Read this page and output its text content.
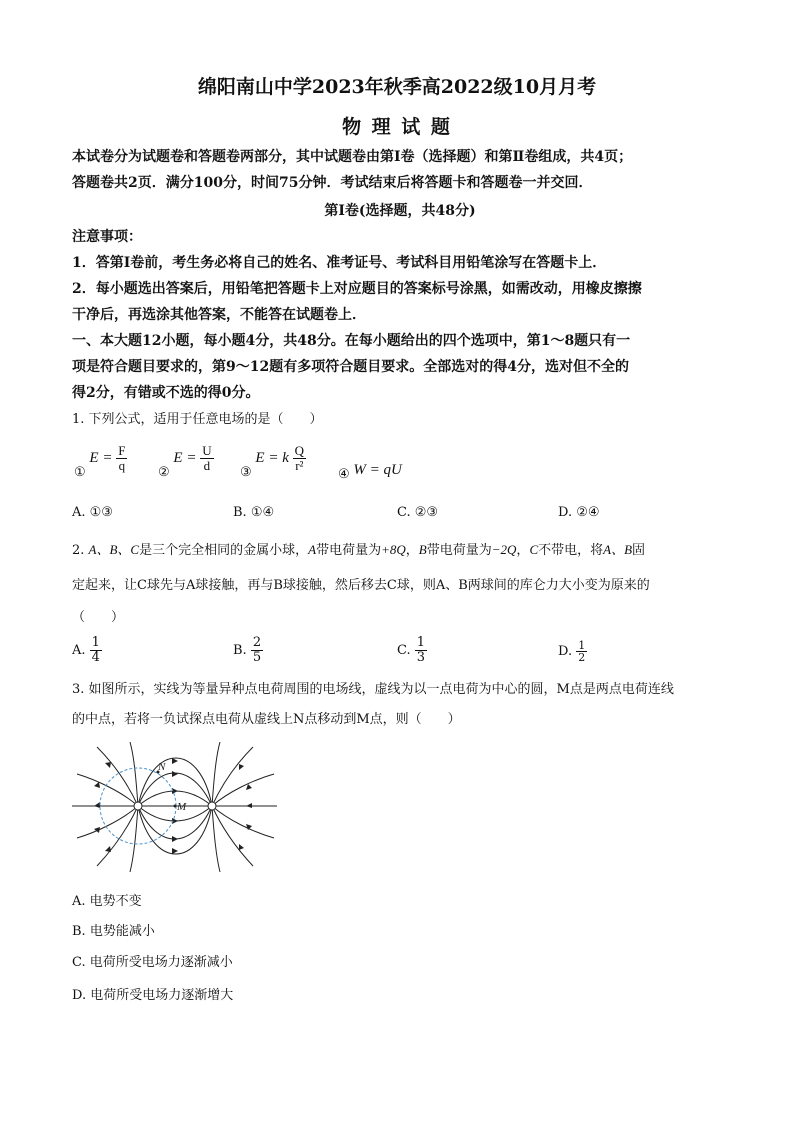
绵阳南山中学2023年秋季高2022级10月月考
物 理 试 题
本试卷分为试题卷和答题卷两部分，其中试题卷由第Ⅰ卷（选择题）和第Ⅱ卷组成，共4页；
答题卷共2页．满分100分，时间75分钟．考试结束后将答题卡和答题卷一并交回．
第Ⅰ卷(选择题，共48分)
注意事项：
1．答第Ⅰ卷前，考生务必将自己的姓名、准考证号、考试科目用铅笔涂写在答题卡上．
2．每小题选出答案后，用铅笔把答题卡上对应题目的答案标号涂黑，如需改动，用橡皮擦擦
干净后，再选涂其他答案，不能答在试题卷上．
一、本大题12小题，每小题4分，共48分。在每小题给出的四个选项中，第1～8题只有一
项是符合题目要求的，第9～12题有多项符合题目要求。全部选对的得4分，选对但不全的
得2分，有错或不选的得0分。
1. 下列公式，适用于任意电场的是（　　）
① $E = \frac{F}{q}$ ② $E = \frac{U}{d}$ ③ E = k $\frac{Q}{\text{r²}}$
④ W = qU
A. ①③	B. ①④	C. ②③	D. ②④
2. A、B、C是三个完全相同的金属小球，A带电荷量为+8Q，B带电荷量为−2Q，C不带电，将A、B固
定起来，让C球先与A球接触，再与B球接触，然后移去C球，则A、B两球间的库仑力大小变为原来的
（　　）
A. $\frac{1}{4}$	B. $\frac{2}{5}$	C. $\frac{1}{3}$	D. $\frac{1}{2}$
3. 如图所示，实线为等量异种点电荷周围的电场线，虚线为以一点电荷为中心的圆，M点是两点电荷连线
的中点，若将一负试探点电荷从虚线上N点移动到M点，则（　　）
N
M
A. 电势不变
B. 电势能减小
C. 电荷所受电场力逐渐减小
D. 电荷所受电场力逐渐增大
